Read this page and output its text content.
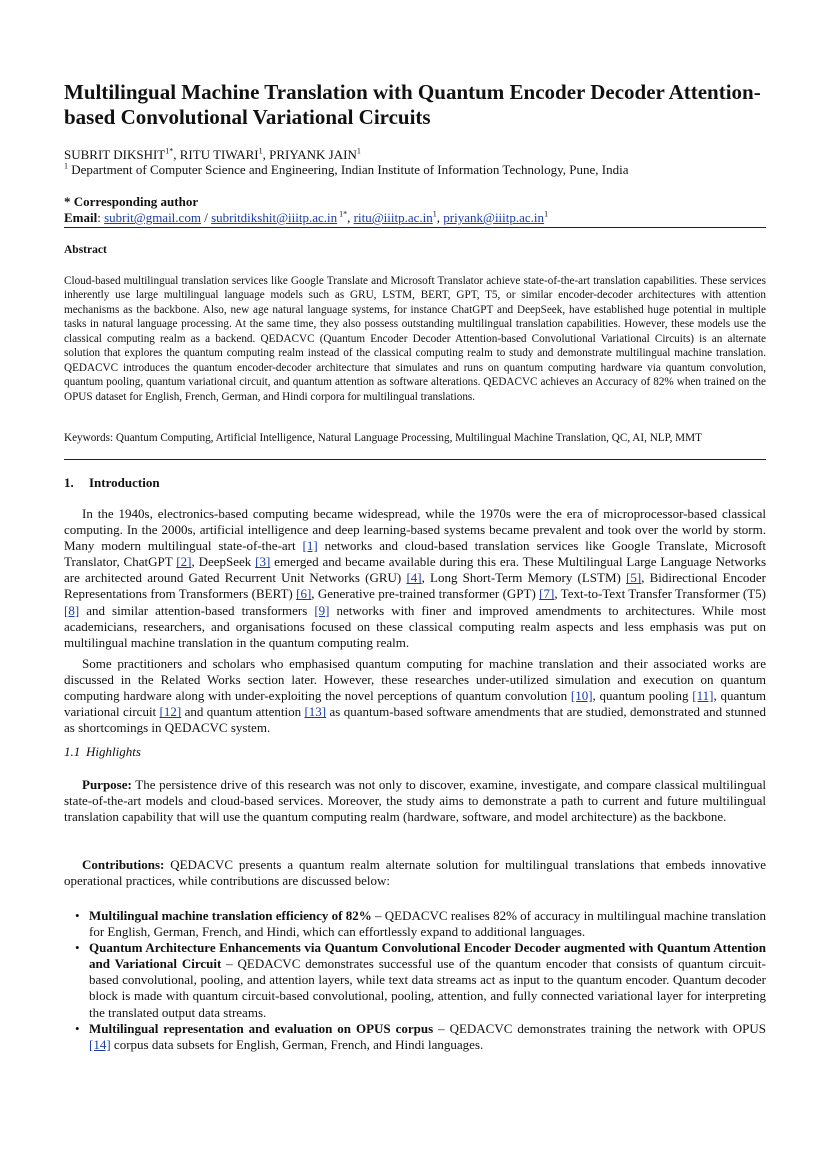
Multilingual Machine Translation with Quantum Encoder Decoder Attention-based Convolutional Variational Circuits
SUBRIT $DIKSHIT^{1*}$, RITU TIWARI$^1$, PRIYANK JAIN$^1$
$^1$ Department of Computer Science and Engineering, Indian Institute of Information Technology, Pune, India
* Corresponding author
Email: subrit@gmail.com / subritdikshit@iiitp.ac.in $^{1*}$, $ritu@iiitp.ac.in^1$, $priyank@iiitp.ac.in^1$
Abstract

Cloud-based multilingual translation services like Google Translate and Microsoft Translator achieve state-of-the-art translation capabilities. These services inherently use large multilingual language models such as GRU, LSTM, BERT, GPT, T5, or similar encoder-decoder architectures with attention mechanisms as the backbone. Also, new age natural language systems, for instance ChatGPT and DeepSeek, have established huge potential in multiple tasks in natural language processing. At the same time, they also possess outstanding multilingual translation capabilities. However, these models use the classical computing realm as a backend. QEDACVC (Quantum Encoder Decoder Attention-based Convolutional Variational Circuits) is an alternate solution that explores the quantum computing realm instead of the classical computing realm to study and demonstrate multilingual machine translation. QEDACVC introduces the quantum encoder-decoder architecture that simulates and runs on quantum computing hardware via quantum convolution, quantum pooling, quantum variational circuit, and quantum attention as software alterations. QEDACVC achieves an Accuracy of 82% when trained on the OPUS dataset for English, French, German, and Hindi corpora for multilingual translations.

Keywords: Quantum Computing, Artificial Intelligence, Natural Language Processing, Multilingual Machine Translation, QC, AI, NLP, MMT

1. Introduction

In the 1940s, electronics-based computing became widespread, while the 1970s were the era of microprocessor-based classical computing. In the 2000s, artificial intelligence and deep learning-based systems became prevalent and took over the world by storm. Many modern multilingual state-of-the-art [1] networks and cloud-based translation services like Google Translate, Microsoft Translator, ChatGPT [2], DeepSeek [3] emerged and became available during this era. These Multilingual Large Language Networks are architected around Gated Recurrent Unit Networks (GRU) [4], Long Short-Term Memory (LSTM) [5], Bidirectional Encoder Representations from Transformers (BERT) [6], Generative pre-trained transformer (GPT) [7], Text-to-Text Transfer Transformer (T5) [8] and similar attention-based transformers [9] networks with finer and improved amendments to architectures. While most academicians, researchers, and organisations focused on these classical computing realm aspects and less emphasis was put on multilingual machine translation in the quantum computing realm.

Some practitioners and scholars who emphasised quantum computing for machine translation and their associated works are discussed in the Related Works section later. However, these researches under-utilized simulation and execution on quantum computing hardware along with under-exploiting the novel perceptions of quantum convolution [10], quantum pooling [11], quantum variational circuit [12] and quantum attention [13] as quantum-based software amendments that are studied, demonstrated and stunned as shortcomings in QEDACVC system.

1.1 Highlights

Purpose: The persistence drive of this research was not only to discover, examine, investigate, and compare classical multilingual state-of-the-art models and cloud-based services. Moreover, the study aims to demonstrate a path to current and future multilingual translation capability that will use the quantum computing realm (hardware, software, and model architecture) as the backbone.

Contributions: QEDACVC presents a quantum realm alternate solution for multilingual translations that embeds innovative operational practices, while contributions are discussed below:

• Multilingual machine translation efficiency of 82% – QEDACVC realises 82% of accuracy in multilingual machine translation for English, German, French, and Hindi, which can effortlessly expand to additional languages.
• Quantum Architecture Enhancements via Quantum Convolutional Encoder Decoder augmented with Quantum Attention and Variational Circuit – QEDACVC demonstrates successful use of the quantum encoder that consists of quantum circuit-based convolutional, pooling, and attention layers, while text data streams act as input to the quantum encoder. Quantum decoder block is made with quantum circuit-based convolutional, pooling, attention, and fully connected variational layer for interpreting the translated output data streams.
• Multilingual representation and evaluation on OPUS corpus – QEDACVC demonstrates training the network with OPUS [14] corpus data subsets for English, German, French, and Hindi languages.
